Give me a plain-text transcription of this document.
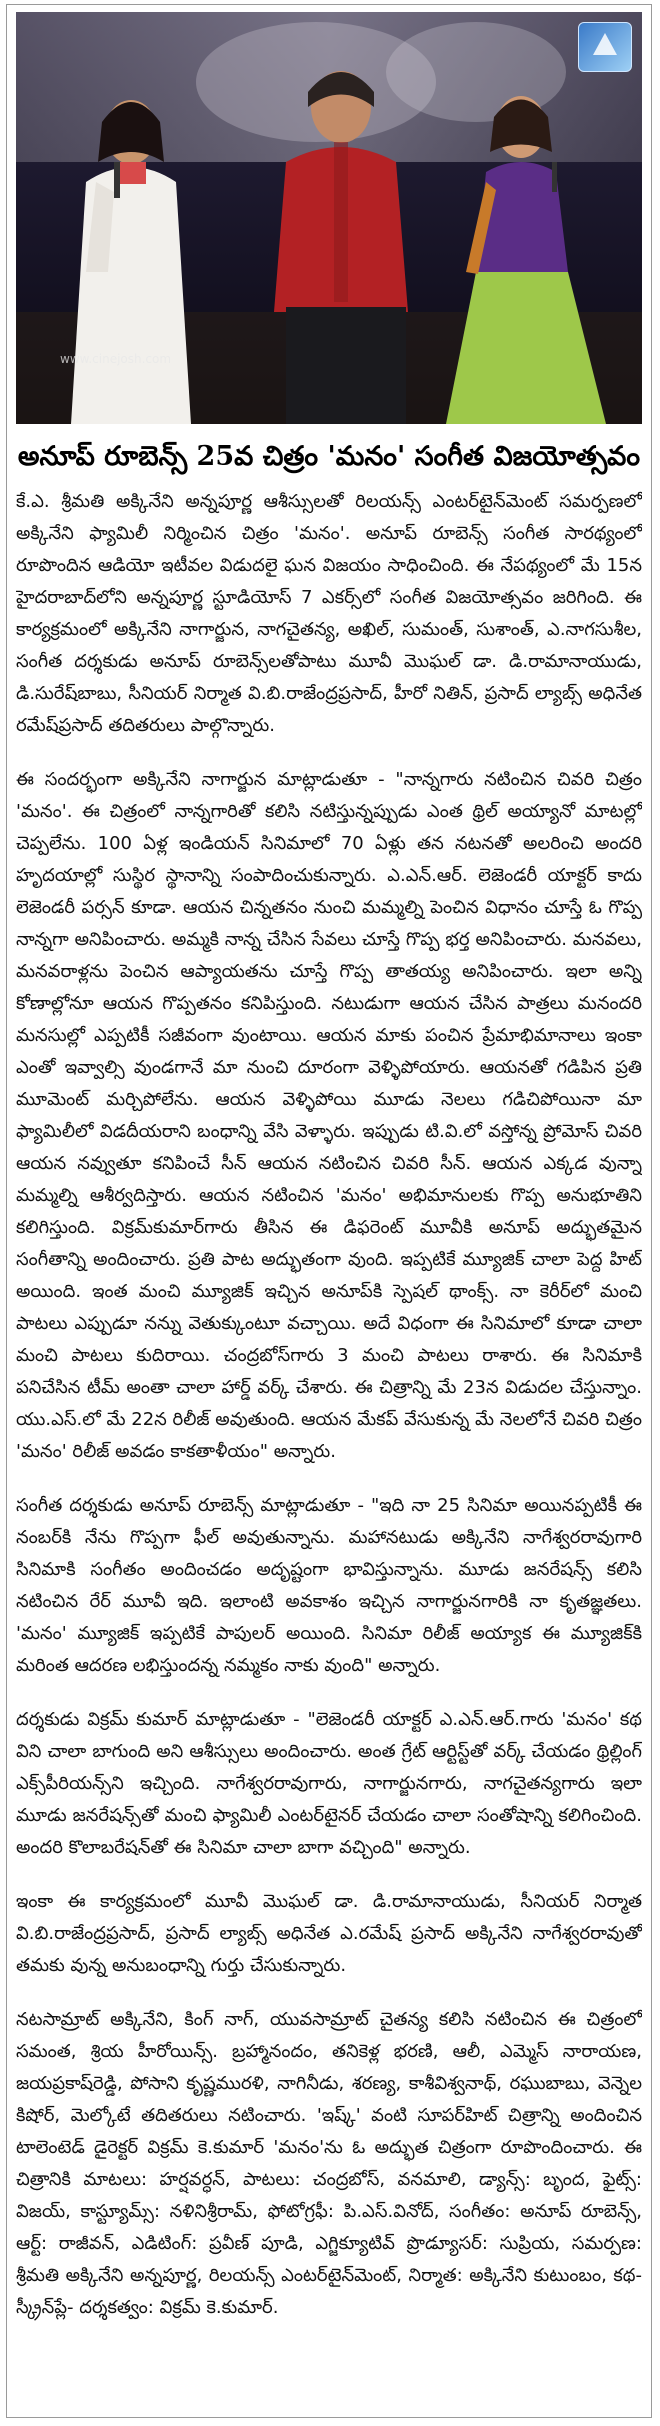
www.cinejosh.com
అనూప్ రూబెన్స్ 25వ చిత్రం 'మనం' సంగీత విజయోత్సవం

కే.ఎ. శ్రీమతి అక్కినేని అన్నపూర్ణ ఆశీస్సులతో రిలయన్స్ ఎంటర్‌టైన్‌మెంట్ సమర్పణలో అక్కినేని ఫ్యామిలీ నిర్మించిన చిత్రం 'మనం'. అనూప్ రూబెన్స్ సంగీత సారథ్యంలో రూపొందిన ఆడియో ఇటీవల విడుదలై ఘన విజయం సాధించింది. ఈ నేపథ్యంలో మే 15న హైదరాబాద్‌లోని అన్నపూర్ణ స్టూడియోస్ 7 ఎకర్స్‌లో సంగీత విజయోత్సవం జరిగింది. ఈ కార్యక్రమంలో అక్కినేని నాగార్జున, నాగచైతన్య, అఖిల్, సుమంత్, సుశాంత్, ఎ.నాగసుశీల, సంగీత దర్శకుడు అనూప్ రూబెన్స్‌లతోపాటు మూవీ మొఘల్ డా. డి.రామానాయుడు, డి.సురేష్‌బాబు, సీనియర్ నిర్మాత వి.బి.రాజేంద్రప్రసాద్, హీరో నితిన్, ప్రసాద్ ల్యాబ్స్ అధినేత రమేష్‌ప్రసాద్ తదితరులు పాల్గొన్నారు.

ఈ సందర్భంగా అక్కినేని నాగార్జున మాట్లాడుతూ - "నాన్నగారు నటించిన చివరి చిత్రం 'మనం'. ఈ చిత్రంలో నాన్నగారితో కలిసి నటిస్తున్నప్పుడు ఎంత థ్రిల్ అయ్యానో మాటల్లో చెప్పలేను. 100 ఏళ్ల ఇండియన్ సినిమాలో 70 ఏళ్లు తన నటనతో అలరించి అందరి హృదయాల్లో సుస్థిర స్థానాన్ని సంపాదించుకున్నారు. ఎ.ఎన్.ఆర్. లెజెండరీ యాక్టర్ కాదు లెజెండరీ పర్సన్ కూడా. ఆయన చిన్నతనం నుంచి మమ్మల్ని పెంచిన విధానం చూస్తే ఓ గొప్ప నాన్నగా అనిపించారు. అమ్మకి నాన్న చేసిన సేవలు చూస్తే గొప్ప భర్త అనిపించారు. మనవలు, మనవరాళ్లను పెంచిన ఆప్యాయతను చూస్తే గొప్ప తాతయ్య అనిపించారు. ఇలా అన్ని కోణాల్లోనూ ఆయన గొప్పతనం కనిపిస్తుంది. నటుడుగా ఆయన చేసిన పాత్రలు మనందరి మనసుల్లో ఎప్పటికీ సజీవంగా వుంటాయి. ఆయన మాకు పంచిన ప్రేమాభిమానాలు ఇంకా ఎంతో ఇవ్వాల్సి వుండగానే మా నుంచి దూరంగా వెళ్ళిపోయారు. ఆయనతో గడిపిన ప్రతి మూమెంట్ మర్చిపోలేను. ఆయన వెళ్ళిపోయి మూడు నెలలు గడిచిపోయినా మా ఫ్యామిలీలో విడదీయరాని బంధాన్ని వేసి వెళ్ళారు. ఇప్పుడు టి.వి.లో వస్తోన్న ప్రోమోస్ చివరి ఆయన నవ్వుతూ కనిపించే సీన్ ఆయన నటించిన చివరి సీన్. ఆయన ఎక్కడ వున్నా మమ్మల్ని ఆశీర్వదిస్తారు. ఆయన నటించిన 'మనం' అభిమానులకు గొప్ప అనుభూతిని కలిగిస్తుంది. విక్రమ్‌కుమార్‌గారు తీసిన ఈ డిఫరెంట్ మూవీకి అనూప్ అద్భుతమైన సంగీతాన్ని అందించారు. ప్రతి పాట అద్భుతంగా వుంది. ఇప్పటికే మ్యూజిక్ చాలా పెద్ద హిట్ అయింది. ఇంత మంచి మ్యూజిక్ ఇచ్చిన అనూప్‌కి స్పెషల్ థాంక్స్. నా కెరీర్‌లో మంచి పాటలు ఎప్పుడూ నన్ను వెతుక్కుంటూ వచ్చాయి. అదే విధంగా ఈ సినిమాలో కూడా చాలా మంచి పాటలు కుదిరాయి. చంద్రబోస్‌గారు 3 మంచి పాటలు రాశారు. ఈ సినిమాకి పనిచేసిన టీమ్ అంతా చాలా హార్డ్ వర్క్ చేశారు. ఈ చిత్రాన్ని మే 23న విడుదల చేస్తున్నాం. యు.ఎస్.లో మే 22న రిలీజ్ అవుతుంది. ఆయన మేకప్ వేసుకున్న మే నెలలోనే చివరి చిత్రం 'మనం' రిలీజ్ అవడం కాకతాళీయం" అన్నారు.

సంగీత దర్శకుడు అనూప్ రూబెన్స్ మాట్లాడుతూ - "ఇది నా 25 సినిమా అయినప్పటికీ ఈ నంబర్‌కి నేను గొప్పగా ఫీల్ అవుతున్నాను. మహానటుడు అక్కినేని నాగేశ్వరరావుగారి సినిమాకి సంగీతం అందించడం అదృష్టంగా భావిస్తున్నాను. మూడు జనరేషన్స్ కలిసి నటించిన రేర్ మూవీ ఇది. ఇలాంటి అవకాశం ఇచ్చిన నాగార్జునగారికి నా కృతజ్ఞతలు. 'మనం' మ్యూజిక్ ఇప్పటికే పాపులర్ అయింది. సినిమా రిలీజ్ అయ్యాక ఈ మ్యూజిక్‌కి మరింత ఆదరణ లభిస్తుందన్న నమ్మకం నాకు వుంది" అన్నారు.

దర్శకుడు విక్రమ్ కుమార్ మాట్లాడుతూ - "లెజెండరీ యాక్టర్ ఎ.ఎన్.ఆర్.గారు 'మనం' కథ విని చాలా బాగుంది అని ఆశీస్సులు అందించారు. అంత గ్రేట్ ఆర్టిస్ట్‌తో వర్క్ చేయడం థ్రిల్లింగ్ ఎక్స్‌పీరియన్స్‌ని ఇచ్చింది. నాగేశ్వరరావుగారు, నాగార్జునగారు, నాగచైతన్యగారు ఇలా మూడు జనరేషన్స్‌తో మంచి ఫ్యామిలీ ఎంటర్‌టైనర్ చేయడం చాలా సంతోషాన్ని కలిగించింది. అందరి కొలాబరేషన్‌తో ఈ సినిమా చాలా బాగా వచ్చింది" అన్నారు.

ఇంకా ఈ కార్యక్రమంలో మూవీ మొఘల్ డా. డి.రామానాయుడు, సీనియర్ నిర్మాత వి.బి.రాజేంద్రప్రసాద్, ప్రసాద్ ల్యాబ్స్ అధినేత ఎ.రమేష్ ప్రసాద్ అక్కినేని నాగేశ్వరరావుతో తమకు వున్న అనుబంధాన్ని గుర్తు చేసుకున్నారు.

నటసామ్రాట్ అక్కినేని, కింగ్ నాగ్, యువసామ్రాట్ చైతన్య కలిసి నటించిన ఈ చిత్రంలో సమంత, శ్రియ హీరోయిన్స్. బ్రహ్మానందం, తనికెళ్ల భరణి, ఆలీ, ఎమ్మెస్ నారాయణ, జయప్రకాష్‌రెడ్డి, పోసాని కృష్ణమురళి, నాగినీడు, శరణ్య, కాశీవిశ్వనాథ్, రఘుబాబు, వెన్నెల కిషోర్, మెల్కోటే తదితరులు నటించారు. 'ఇష్క్' వంటి సూపర్‌హిట్ చిత్రాన్ని అందించిన టాలెంటెడ్ డైరెక్టర్ విక్రమ్ కె.కుమార్ 'మనం'ను ఓ అద్భుత చిత్రంగా రూపొందించారు. ఈ చిత్రానికి మాటలు: హర్షవర్ధన్, పాటలు: చంద్రబోస్, వనమాలి, డ్యాన్స్: బృంద, ఫైట్స్: విజయ్, కాస్ట్యూమ్స్: నళినిశ్రీరామ్, ఫోటోగ్రఫీ: పి.ఎస్.వినోద్, సంగీతం: అనూప్ రూబెన్స్, ఆర్ట్: రాజీవన్, ఎడిటింగ్: ప్రవీణ్ పూడి, ఎగ్జిక్యూటివ్ ప్రొడ్యూసర్: సుప్రియ, సమర్పణ: శ్రీమతి అక్కినేని అన్నపూర్ణ, రిలయన్స్ ఎంటర్‌టైన్‌మెంట్, నిర్మాత: అక్కినేని కుటుంబం, కథ-స్క్రీన్‌ప్లే- దర్శకత్వం: విక్రమ్ కె.కుమార్.
